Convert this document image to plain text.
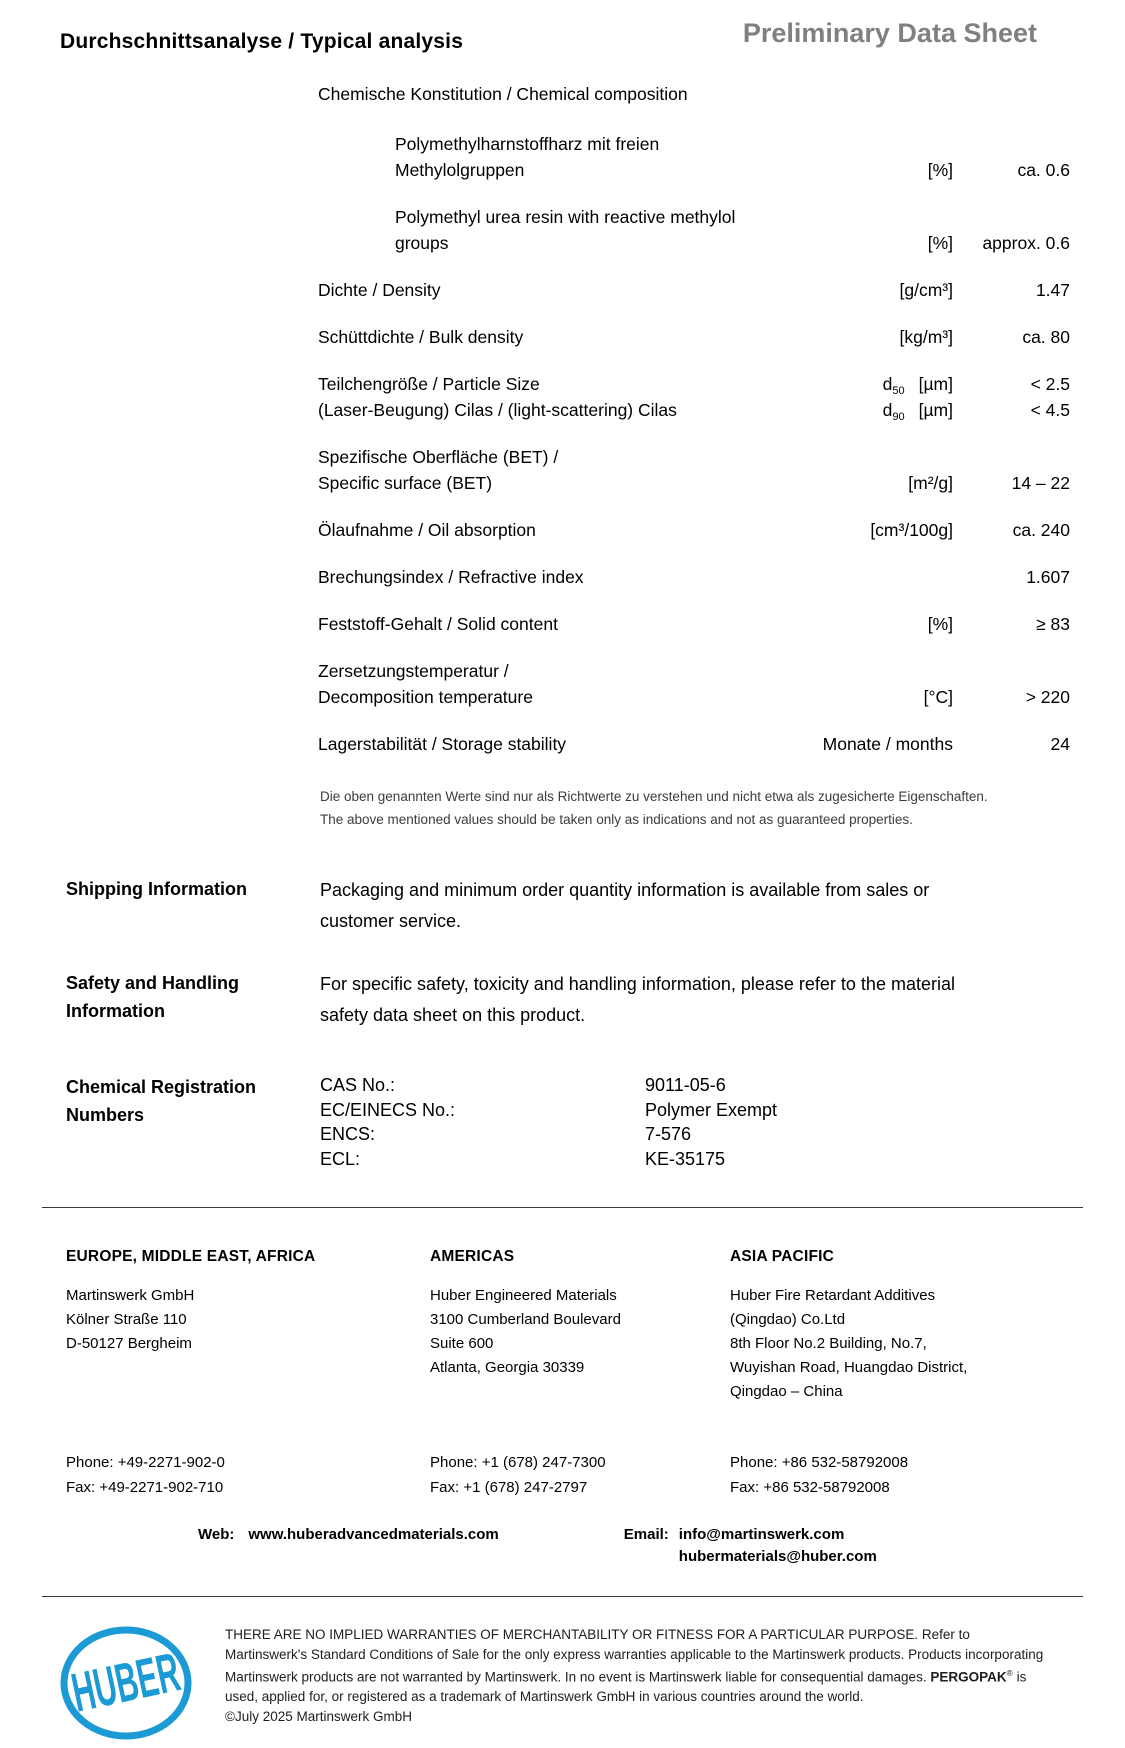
Durchschnittsanalyse / Typical analysis	Preliminary Data Sheet
Chemische Konstitution / Chemical composition
Polymethylharnstoffharz mit freien Methylolgruppen	[%]	ca. 0.6
Polymethyl urea resin with reactive methylol groups	[%]	approx. 0.6
Dichte / Density	[g/cm³]	1.47
Schüttdichte / Bulk density	[kg/m³]	ca. 80
Teilchengröße / Particle Size	$d_{50}$ [µm]	< 2.5
(Laser-Beugung) Cilas / (light-scattering) Cilas	$d_{90}$ [µm]	< 4.5
Spezifische Oberfläche (BET) /
Specific surface (BET)	[m²/g]	14 – 22
Ölaufnahme / Oil absorption	[cm³/100g]	ca. 240
Brechungsindex / Refractive index	1.607
Feststoff-Gehalt / Solid content	[%]	≥ 83
Zersetzungstemperatur /
Decomposition temperature	[°C]	> 220
Lagerstabilität / Storage stability	Monate / months	24
Die oben genannten Werte sind nur als Richtwerte zu verstehen und nicht etwa als zugesicherte Eigenschaften.
The above mentioned values should be taken only as indications and not as guaranteed properties.
Shipping Information	Packaging and minimum order quantity information is available from sales or customer service.
Safety and Handling
Information
For specific safety, toxicity and handling information, please refer to the material safety data sheet on this product.
Chemical Registration
Numbers
CAS No.:	9011-05-6
EC/EINECS No.:	Polymer Exempt
ENCS:	7-576
ECL:	KE-35175
EUROPE, MIDDLE EAST, AFRICA
Martinswerk GmbH
Kölner Straße 110
D-50127 Bergheim
Phone: +49-2271-902-0
Fax: +49-2271-902-710
AMERICAS
Huber Engineered Materials
3100 Cumberland Boulevard
Suite 600
Atlanta, Georgia 30339
Phone: +1 (678) 247-7300
Fax: +1 (678) 247-2797
ASIA PACIFIC
Huber Fire Retardant Additives
(Qingdao) Co.Ltd
8th Floor No.2 Building, No.7,
Wuyishan Road, Huangdao District,
Qingdao – China
Phone: +86 532-58792008
Fax: +86 532-58792008
Web: www.huberadvancedmaterials.com	Email: info@martinswerk.com
hubermaterials@huber.com
HUBER
THERE ARE NO IMPLIED WARRANTIES OF MERCHANTABILITY OR FITNESS FOR A PARTICULAR PURPOSE. Refer to Martinswerk's Standard Conditions of Sale for the only express warranties applicable to the Martinswerk products. Products incorporating Martinswerk products are not warranted by Martinswerk. In no event is Martinswerk liable for consequential damages. PERGOPAK® is used, applied for, or registered as a trademark of Martinswerk GmbH in various countries around the world.
©July 2025 Martinswerk GmbH
